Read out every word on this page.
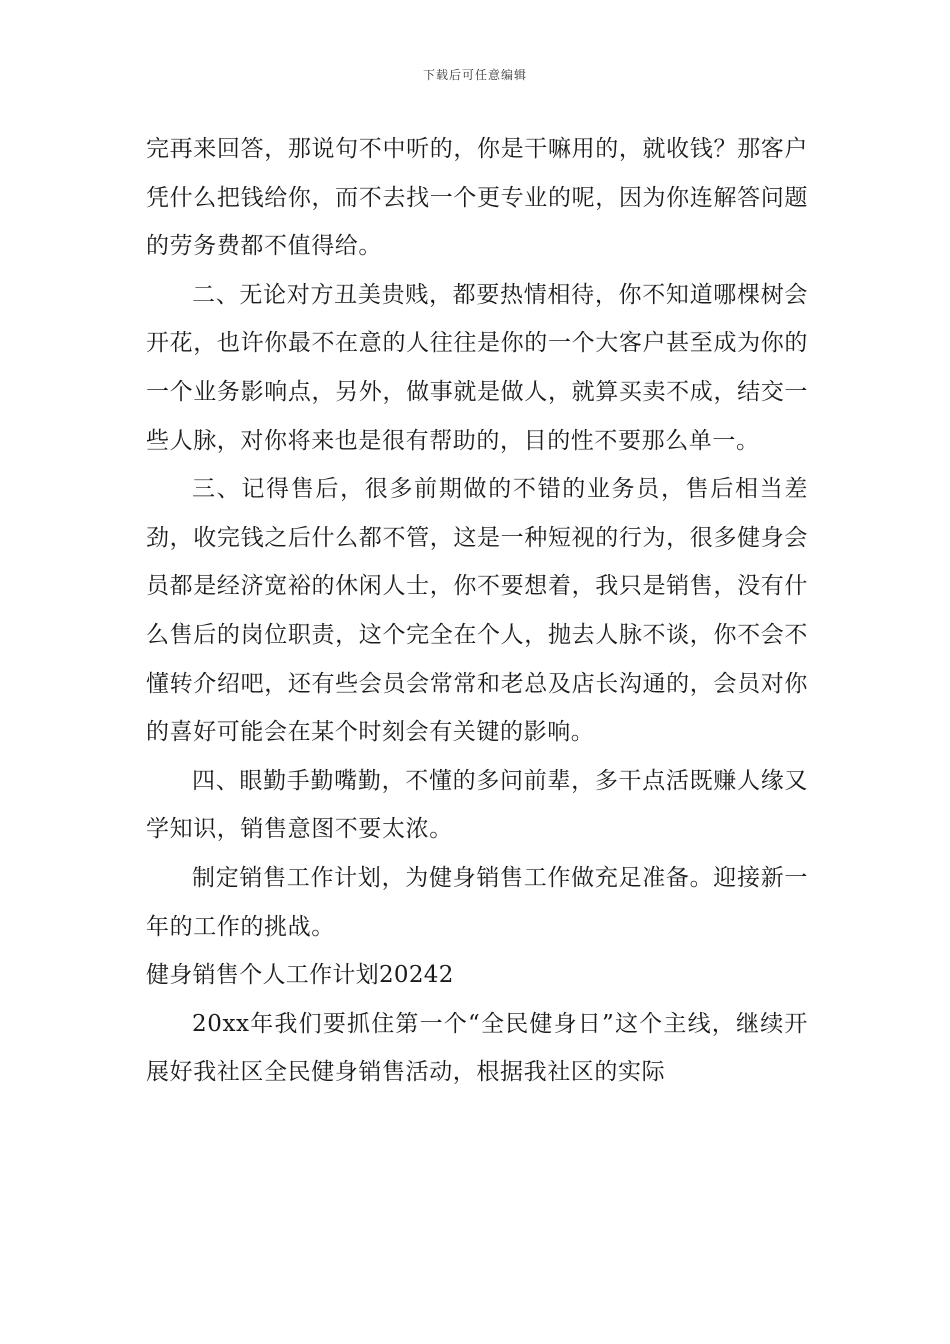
下载后可任意编辑

完再来回答，那说句不中听的，你是干嘛用的，就收钱？那客户凭什么把钱给你，而不去找一个更专业的呢，因为你连解答问题的劳务费都不值得给。

二、无论对方丑美贵贱，都要热情相待，你不知道哪棵树会开花，也许你最不在意的人往往是你的一个大客户甚至成为你的一个业务影响点，另外，做事就是做人，就算买卖不成，结交一些人脉，对你将来也是很有帮助的，目的性不要那么单一。

三、记得售后，很多前期做的不错的业务员，售后相当差劲，收完钱之后什么都不管，这是一种短视的行为，很多健身会员都是经济宽裕的休闲人士，你不要想着，我只是销售，没有什么售后的岗位职责，这个完全在个人，抛去人脉不谈，你不会不懂转介绍吧，还有些会员会常常和老总及店长沟通的，会员对你的喜好可能会在某个时刻会有关键的影响。

四、眼勤手勤嘴勤，不懂的多问前辈，多干点活既赚人缘又学知识，销售意图不要太浓。

制定销售工作计划，为健身销售工作做充足准备。迎接新一年的工作的挑战。

健身销售个人工作计划20242

20xx年我们要抓住第一个“全民健身日”这个主线，继续开展好我社区全民健身销售活动，根据我社区的实际
